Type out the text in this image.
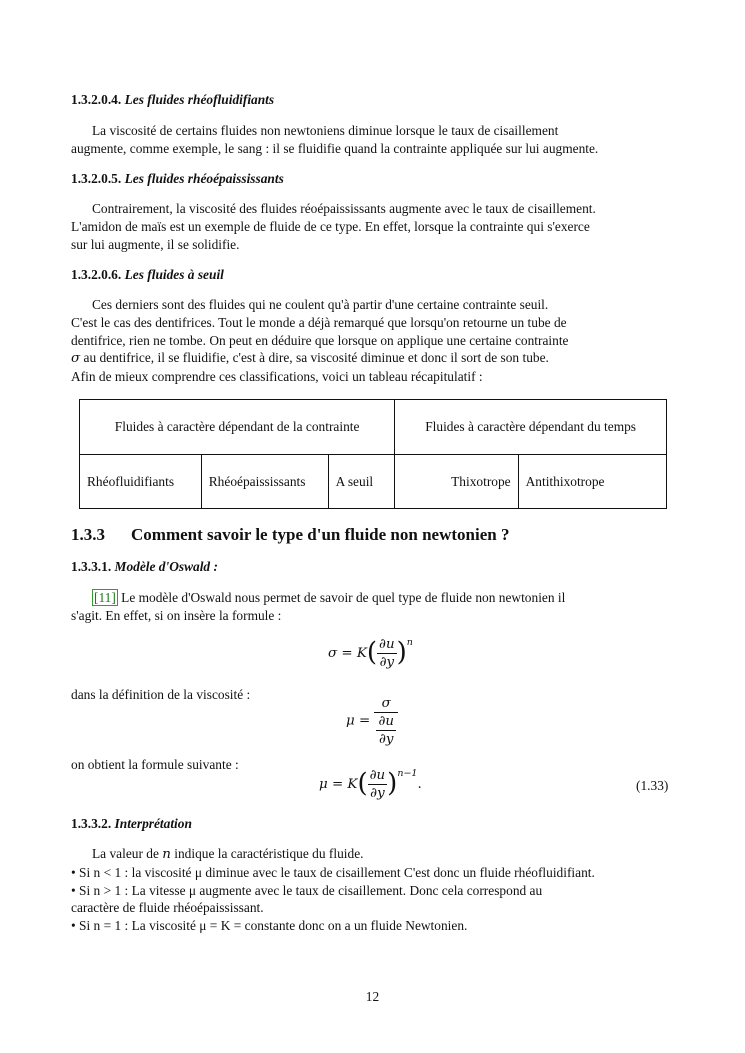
1.3.2.0.4. Les fluides rhéofluidifiants
La viscosité de certains fluides non newtoniens diminue lorsque le taux de cisaillement
augmente, comme exemple, le sang : il se fluidifie quand la contrainte appliquée sur lui augmente.
1.3.2.0.5. Les fluides rhéoépaississants
Contrairement, la viscosité des fluides réoépaississants augmente avec le taux de cisaillement.
L'amidon de maïs est un exemple de fluide de ce type. En effet, lorsque la contrainte qui s'exerce
sur lui augmente, il se solidifie.
1.3.2.0.6. Les fluides à seuil
Ces derniers sont des fluides qui ne coulent qu'à partir d'une certaine contrainte seuil.
C'est le cas des dentifrices. Tout le monde a déjà remarqué que lorsqu'on retourne un tube de
dentifrice, rien ne tombe. On peut en déduire que lorsque on applique une certaine contrainte
σ au dentifrice, il se fluidifie, c'est à dire, sa viscosité diminue et donc il sort de son tube.
Afin de mieux comprendre ces classifications, voici un tableau récapitulatif :
Fluides à caractère dépendant de la contrainte			Fluides à caractère dépendant du temps	
Rhéofluidifiants	Rhéoépaississants	A seuil	Thixotrope	Antithixotrope
1.3.3 Comment savoir le type d'un fluide non newtonien ?
1.3.3.1. Modèle d'Oswald :
[11] Le modèle d'Oswald nous permet de savoir de quel type de fluide non newtonien il
s'agit. En effet, si on insère la formule :
$\sigma = K( \frac{\partial u}{\partial y} )^n$
dans la définition de la viscosité :
$\mu = \frac{\sigma}{\frac{\partial u}{\partial y}}$
on obtient la formule suivante :
$\mu = K( \frac{\partial u}{\partial y} )^{n-1}$.	(1.33)
1.3.3.2. Interprétation
La valeur de n indique la caractéristique du fluide.
• Si n < 1 : la viscosité μ diminue avec le taux de cisaillement C'est donc un fluide rhéofluidifiant.
• Si n > 1 : La vitesse μ augmente avec le taux de cisaillement. Donc cela correspond au
caractère de fluide rhéoépaississant.
• Si n = 1 : La viscosité μ = K = constante donc on a un fluide Newtonien.
12
